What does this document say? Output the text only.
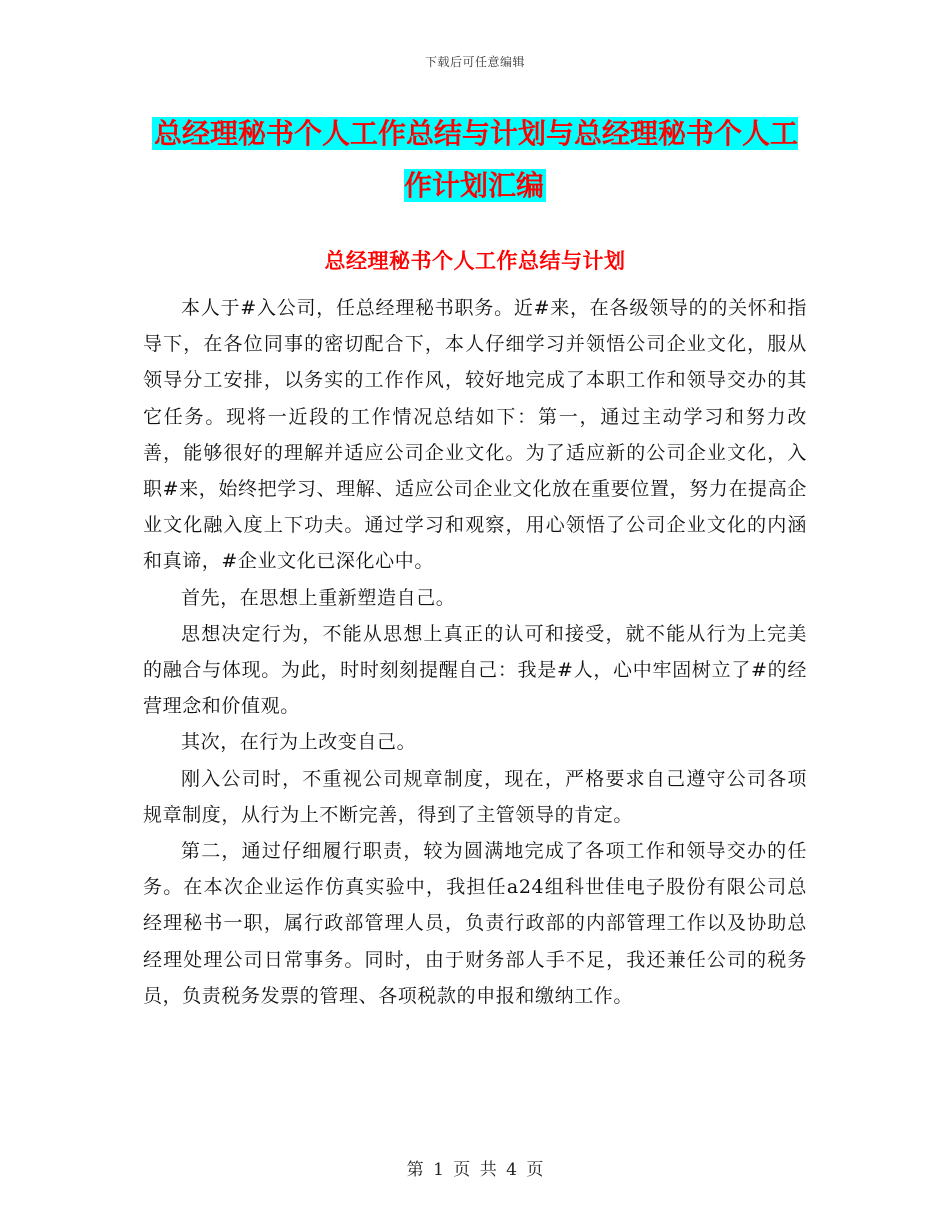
下载后可任意编辑
总经理秘书个人工作总结与计划与总经理秘书个人工作计划汇编
总经理秘书个人工作总结与计划

本人于#入公司，任总经理秘书职务。近#来，在各级领导的的关怀和指导下，在各位同事的密切配合下，本人仔细学习并领悟公司企业文化，服从领导分工安排，以务实的工作作风，较好地完成了本职工作和领导交办的其它任务。现将一近段的工作情况总结如下：第一，通过主动学习和努力改善，能够很好的理解并适应公司企业文化。为了适应新的公司企业文化，入职#来，始终把学习、理解、适应公司企业文化放在重要位置，努力在提高企业文化融入度上下功夫。通过学习和观察，用心领悟了公司企业文化的内涵和真谛，#企业文化已深化心中。

首先，在思想上重新塑造自己。

思想决定行为，不能从思想上真正的认可和接受，就不能从行为上完美的融合与体现。为此，时时刻刻提醒自己：我是#人，心中牢固树立了#的经营理念和价值观。

其次，在行为上改变自己。

刚入公司时，不重视公司规章制度，现在，严格要求自己遵守公司各项规章制度，从行为上不断完善，得到了主管领导的肯定。

第二，通过仔细履行职责，较为圆满地完成了各项工作和领导交办的任务。在本次企业运作仿真实验中，我担任a24组科世佳电子股份有限公司总经理秘书一职，属行政部管理人员，负责行政部的内部管理工作以及协助总经理处理公司日常事务。同时，由于财务部人手不足，我还兼任公司的税务员，负责税务发票的管理、各项税款的申报和缴纳工作。

第 1 页 共 4 页
